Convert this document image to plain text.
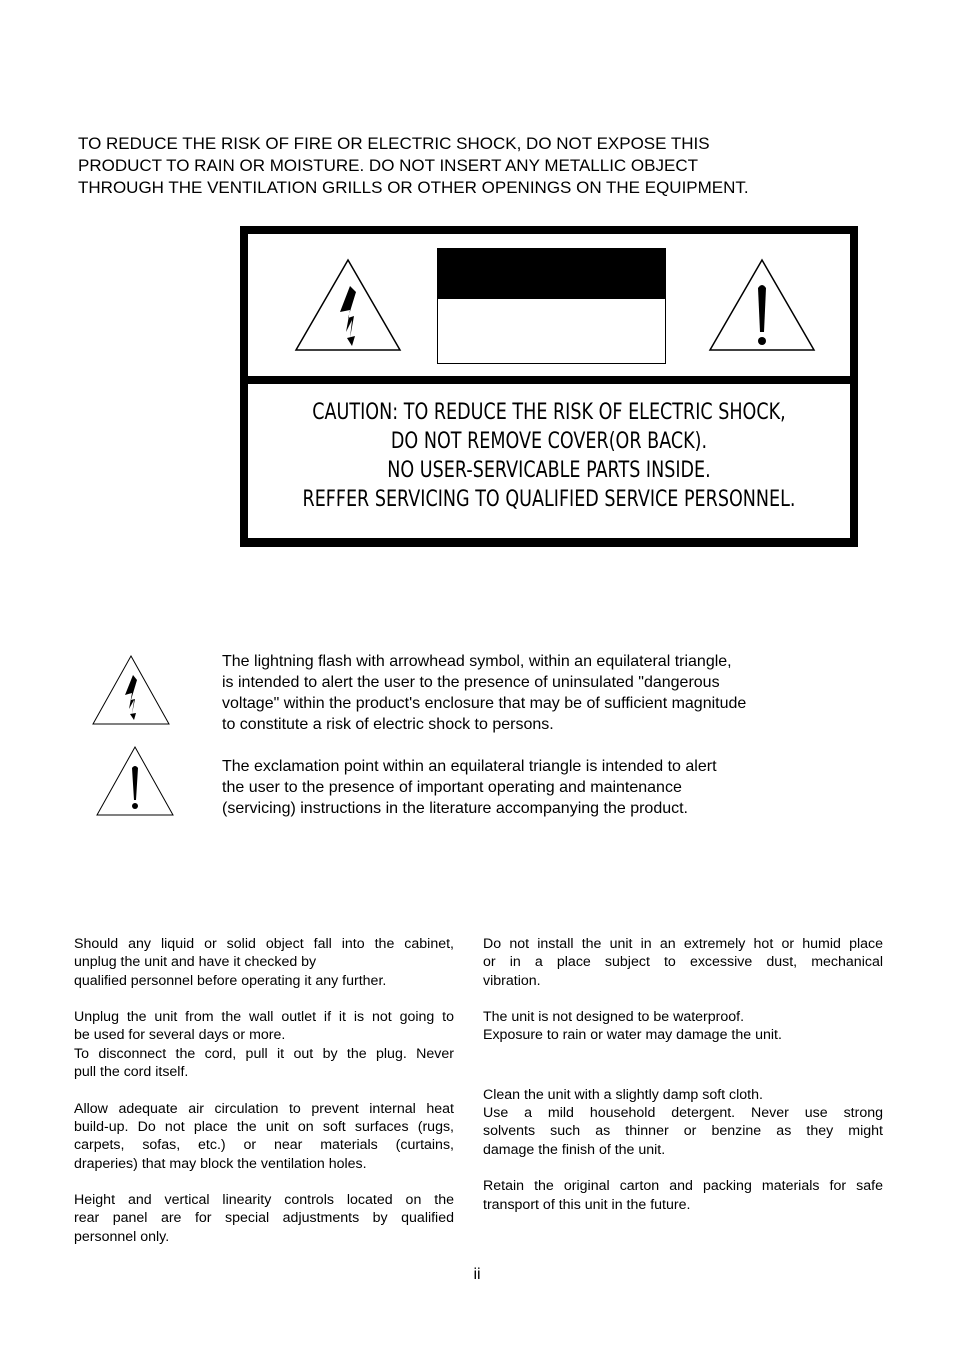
TO REDUCE THE RISK OF FIRE OR ELECTRIC SHOCK, DO NOT EXPOSE THIS
PRODUCT TO RAIN OR MOISTURE. DO NOT INSERT ANY METALLIC OBJECT
THROUGH THE VENTILATION GRILLS OR OTHER OPENINGS ON THE EQUIPMENT.
CAUTION: TO REDUCE THE RISK OF ELECTRIC SHOCK,
DO NOT REMOVE COVER(OR BACK).
NO USER-SERVICABLE PARTS INSIDE.
REFFER SERVICING TO QUALIFIED SERVICE PERSONNEL.
The lightning flash with arrowhead symbol, within an equilateral triangle,
is intended to alert the user to the presence of uninsulated "dangerous
voltage" within the product's enclosure that may be of sufficient magnitude
to constitute a risk of electric shock to persons.
The exclamation point within an equilateral triangle is intended to alert
the user to the presence of important operating and maintenance
(servicing) instructions in the literature accompanying the product.

Should any liquid or solid object fall into the cabinet,
unplug the unit and have it checked by
qualified personnel before operating it any further.

Unplug the unit from the wall outlet if it is not going to
be used for several days or more.
To disconnect the cord, pull it out by the plug. Never
pull the cord itself.

Allow adequate air circulation to prevent internal heat
build-up. Do not place the unit on soft surfaces (rugs,
carpets, sofas, etc.) or near materials (curtains,
draperies) that may block the ventilation holes.

Height and vertical linearity controls located on the
rear panel are for special adjustments by qualified
personnel only.

Do not install the unit in an extremely hot or humid place
or in a place subject to excessive dust, mechanical
vibration.

The unit is not designed to be waterproof.
Exposure to rain or water may damage the unit.

Clean the unit with a slightly damp soft cloth.
Use a mild household detergent. Never use strong
solvents such as thinner or benzine as they might
damage the finish of the unit.

Retain the original carton and packing materials for safe
transport of this unit in the future.

ii
